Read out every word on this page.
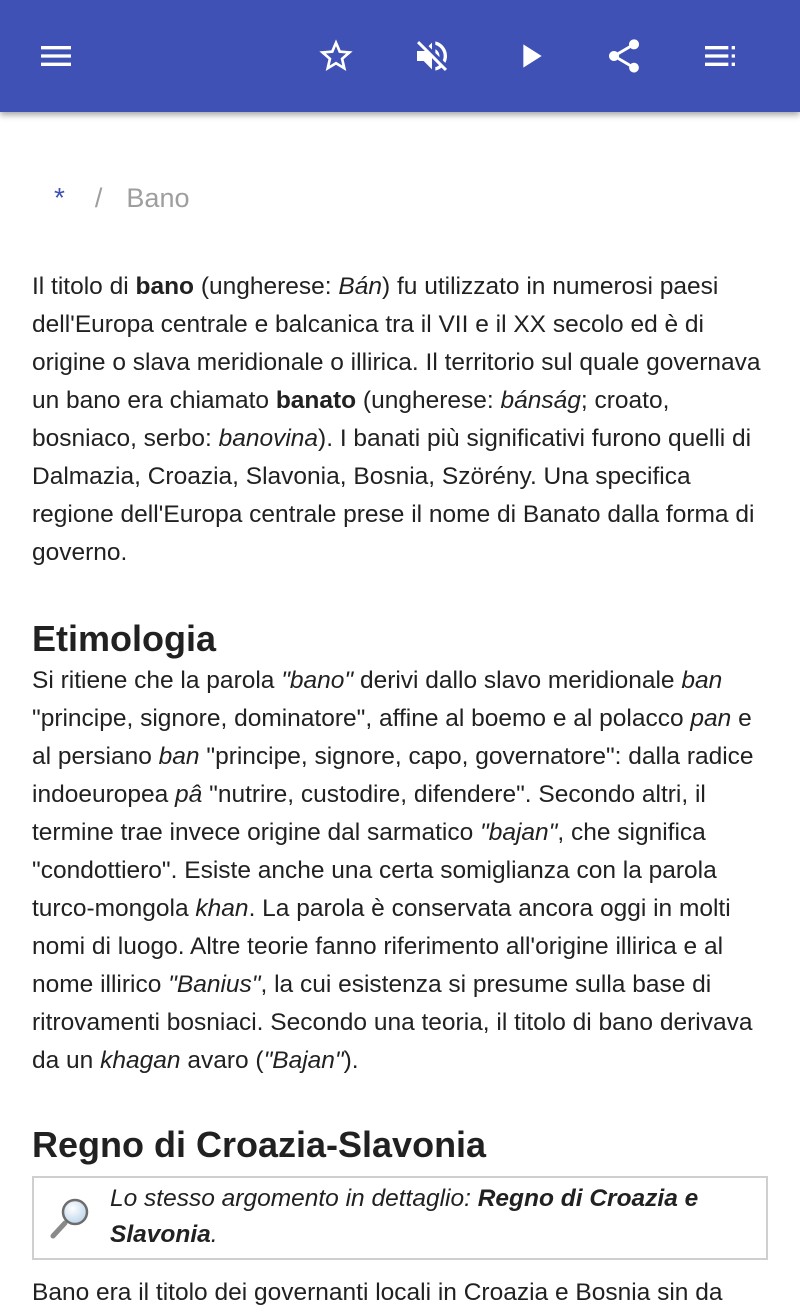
* / Bano

Il titolo di bano (ungherese: Bán) fu utilizzato in numerosi paesi dell'Europa centrale e balcanica tra il VII e il XX secolo ed è di origine o slava meridionale o illirica. Il territorio sul quale governava un bano era chiamato banato (ungherese: bánság; croato, bosniaco, serbo: banovina). I banati più significativi furono quelli di Dalmazia, Croazia, Slavonia, Bosnia, Szörény. Una specifica regione dell'Europa centrale prese il nome di Banato dalla forma di governo.

Etimologia

Si ritiene che la parola "bano" derivi dallo slavo meridionale ban "principe, signore, dominatore", affine al boemo e al polacco pan e al persiano ban "principe, signore, capo, governatore": dalla radice indoeuropea pâ "nutrire, custodire, difendere". Secondo altri, il termine trae invece origine dal sarmatico "bajan", che significa "condottiero". Esiste anche una certa somiglianza con la parola turco-mongola khan. La parola è conservata ancora oggi in molti nomi di luogo. Altre teorie fanno riferimento all'origine illirica e al nome illirico "Banius", la cui esistenza si presume sulla base di ritrovamenti bosniaci. Secondo una teoria, il titolo di bano derivava da un khagan avaro ("Bajan").

Regno di Croazia-Slavonia
Lo stesso argomento in dettaglio: Regno di Croazia e Slavonia.

Bano era il titolo dei governanti locali in Croazia e Bosnia sin da
